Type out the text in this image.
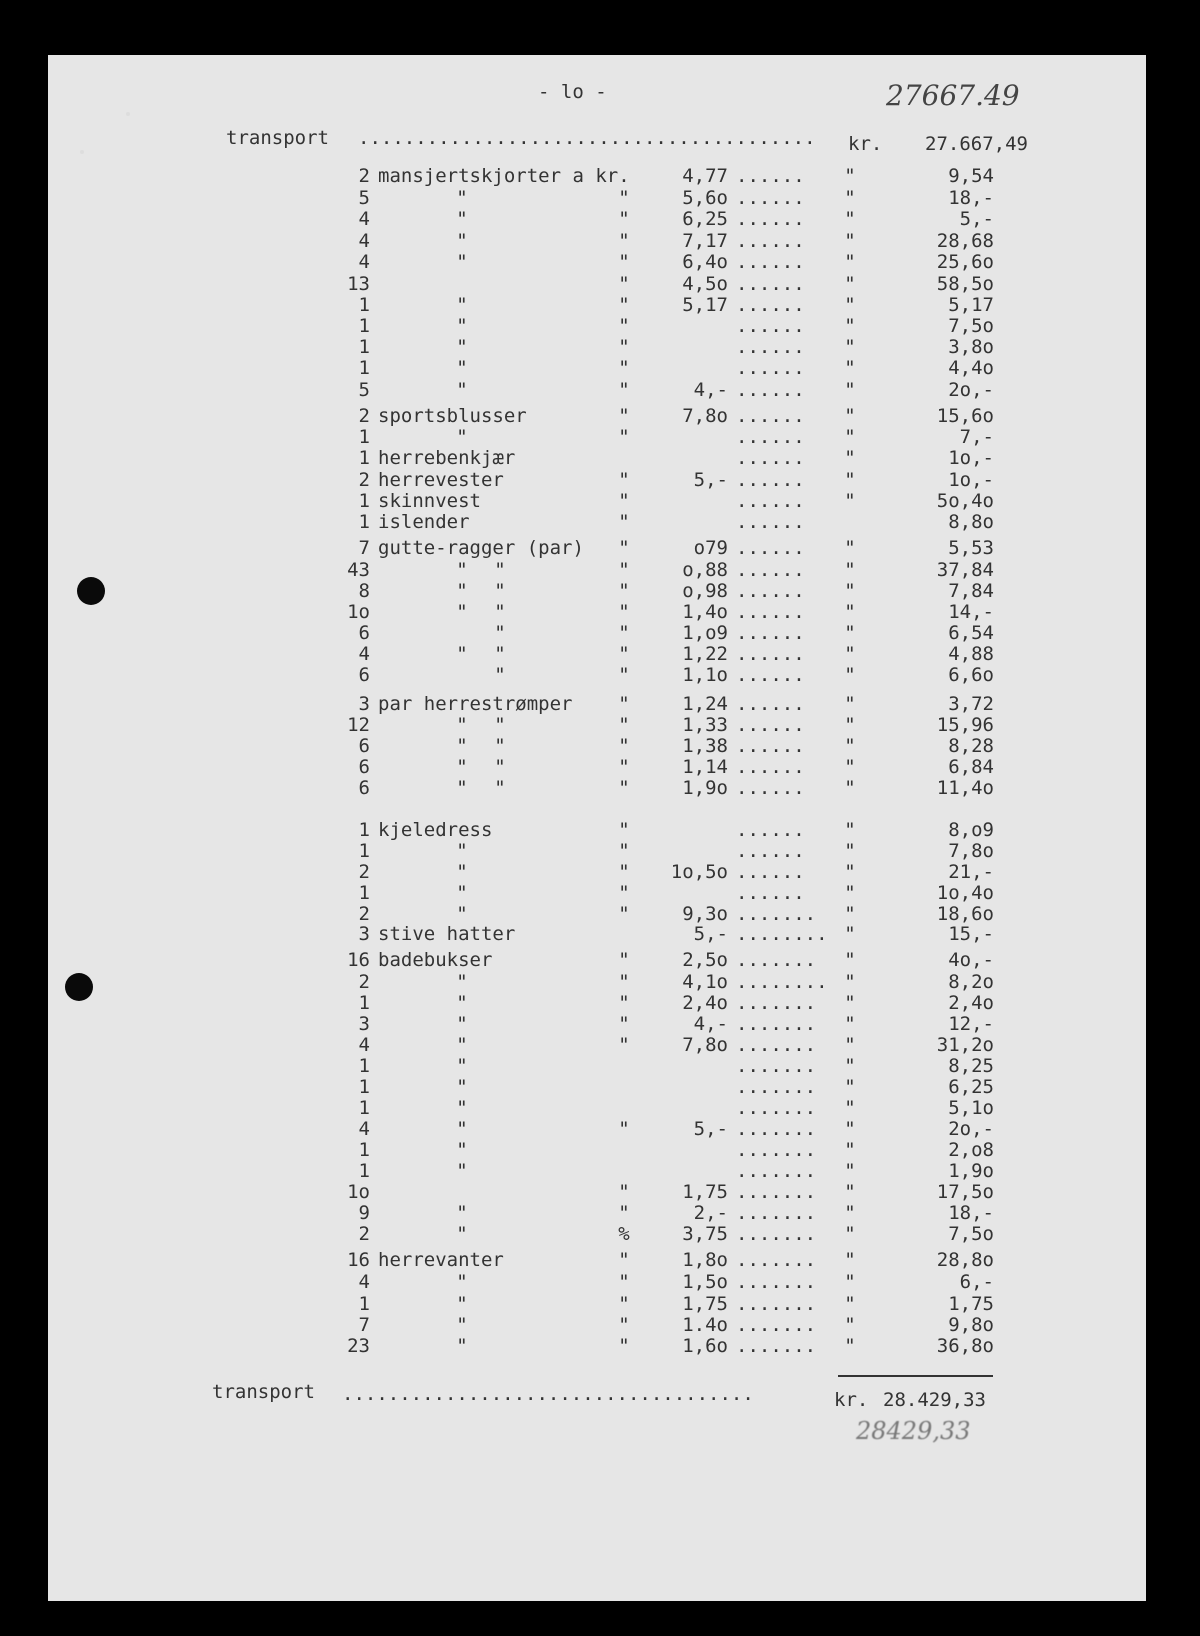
- lo -	27667.49
transport ........................................	kr.	27.667,49
2 mansjertskjorter a kr.	4,77 ......	"	9,54
5	"	"	5,6o ......	"	18,-
4	"	"	6,25 ......	"	5,-
4	"	"	7,17 ......	"	28,68
4	"	"	6,4o ......	"	25,6o
13	"	4,5o ......	"	58,5o
1	"	"	5,17 ......	"	5,17
1	"	"	......	"	7,5o
1	"	"	......	"	3,8o
1	"	"	......	"	4,4o
5	"	"	4,- ......	"	2o,-
2 sportsblusser	"	7,8o ......	"	15,6o
1	"	"	......	"	7,-
1 herrebenkjær	......	"	1o,-
2 herrevester	"	5,- ......	"	1o,-
1 skinnvest	"	......	"	5o,4o
1 islender	"	......	8,8o
7 gutte-ragger (par)	"	o79 ......	"	5,53
43	" "	"	o,88 ......	"	37,84
8	" "	"	o,98 ......	"	7,84
1o	" "	"	1,4o ......	"	14,-
6	"	"	1,o9 ......	"	6,54
4	" "	"	1,22 ......	"	4,88
6	"	"	1,1o ......	"	6,6o
3 par herrestrømper	"	1,24 ......	"	3,72
12	" "	"	1,33 ......	"	15,96
6	" "	"	1,38 ......	"	8,28
6	" "	"	1,14 ......	"	6,84
6	" "	"	1,9o ......	"	11,4o
1 kjeledress	"	......	"	8,o9
1	"	"	......	"	7,8o
2	"	"	1o,5o ......	"	21,-
1	"	"	......	"	1o,4o
2	"	"	9,3o .......	"	18,6o
3 stive hatter	5,- ........ "	15,-
16 badebukser	"	2,5o .......	"	4o,-
2	"	"	4,1o ........ "	8,2o
1	"	"	2,4o .......	"	2,4o
3	"	"	4,- .......	"	12,-
4	"	"	7,8o .......	"	31,2o
1	"	.......	"	8,25
1	"	.......	"	6,25
1	"	.......	"	5,1o
4	"	"	5,- .......	"	2o,-
1	"	.......	"	2,o8
1	"	.......	"	1,9o
1o	"	1,75 .......	"	17,5o
9	"	"	2,- .......	"	18,-
2	"	%	3,75 .......	"	7,5o
16 herrevanter	"	1,8o .......	"	28,8o
4	"	"	1,5o .......	"	6,-
1	"	"	1,75 .......	"	1,75
7	"	"	1.4o .......	"	9,8o
23	"	"	1,6o .......	"	36,8o
transport ....................................	kr. 28.429,33
28429,33
